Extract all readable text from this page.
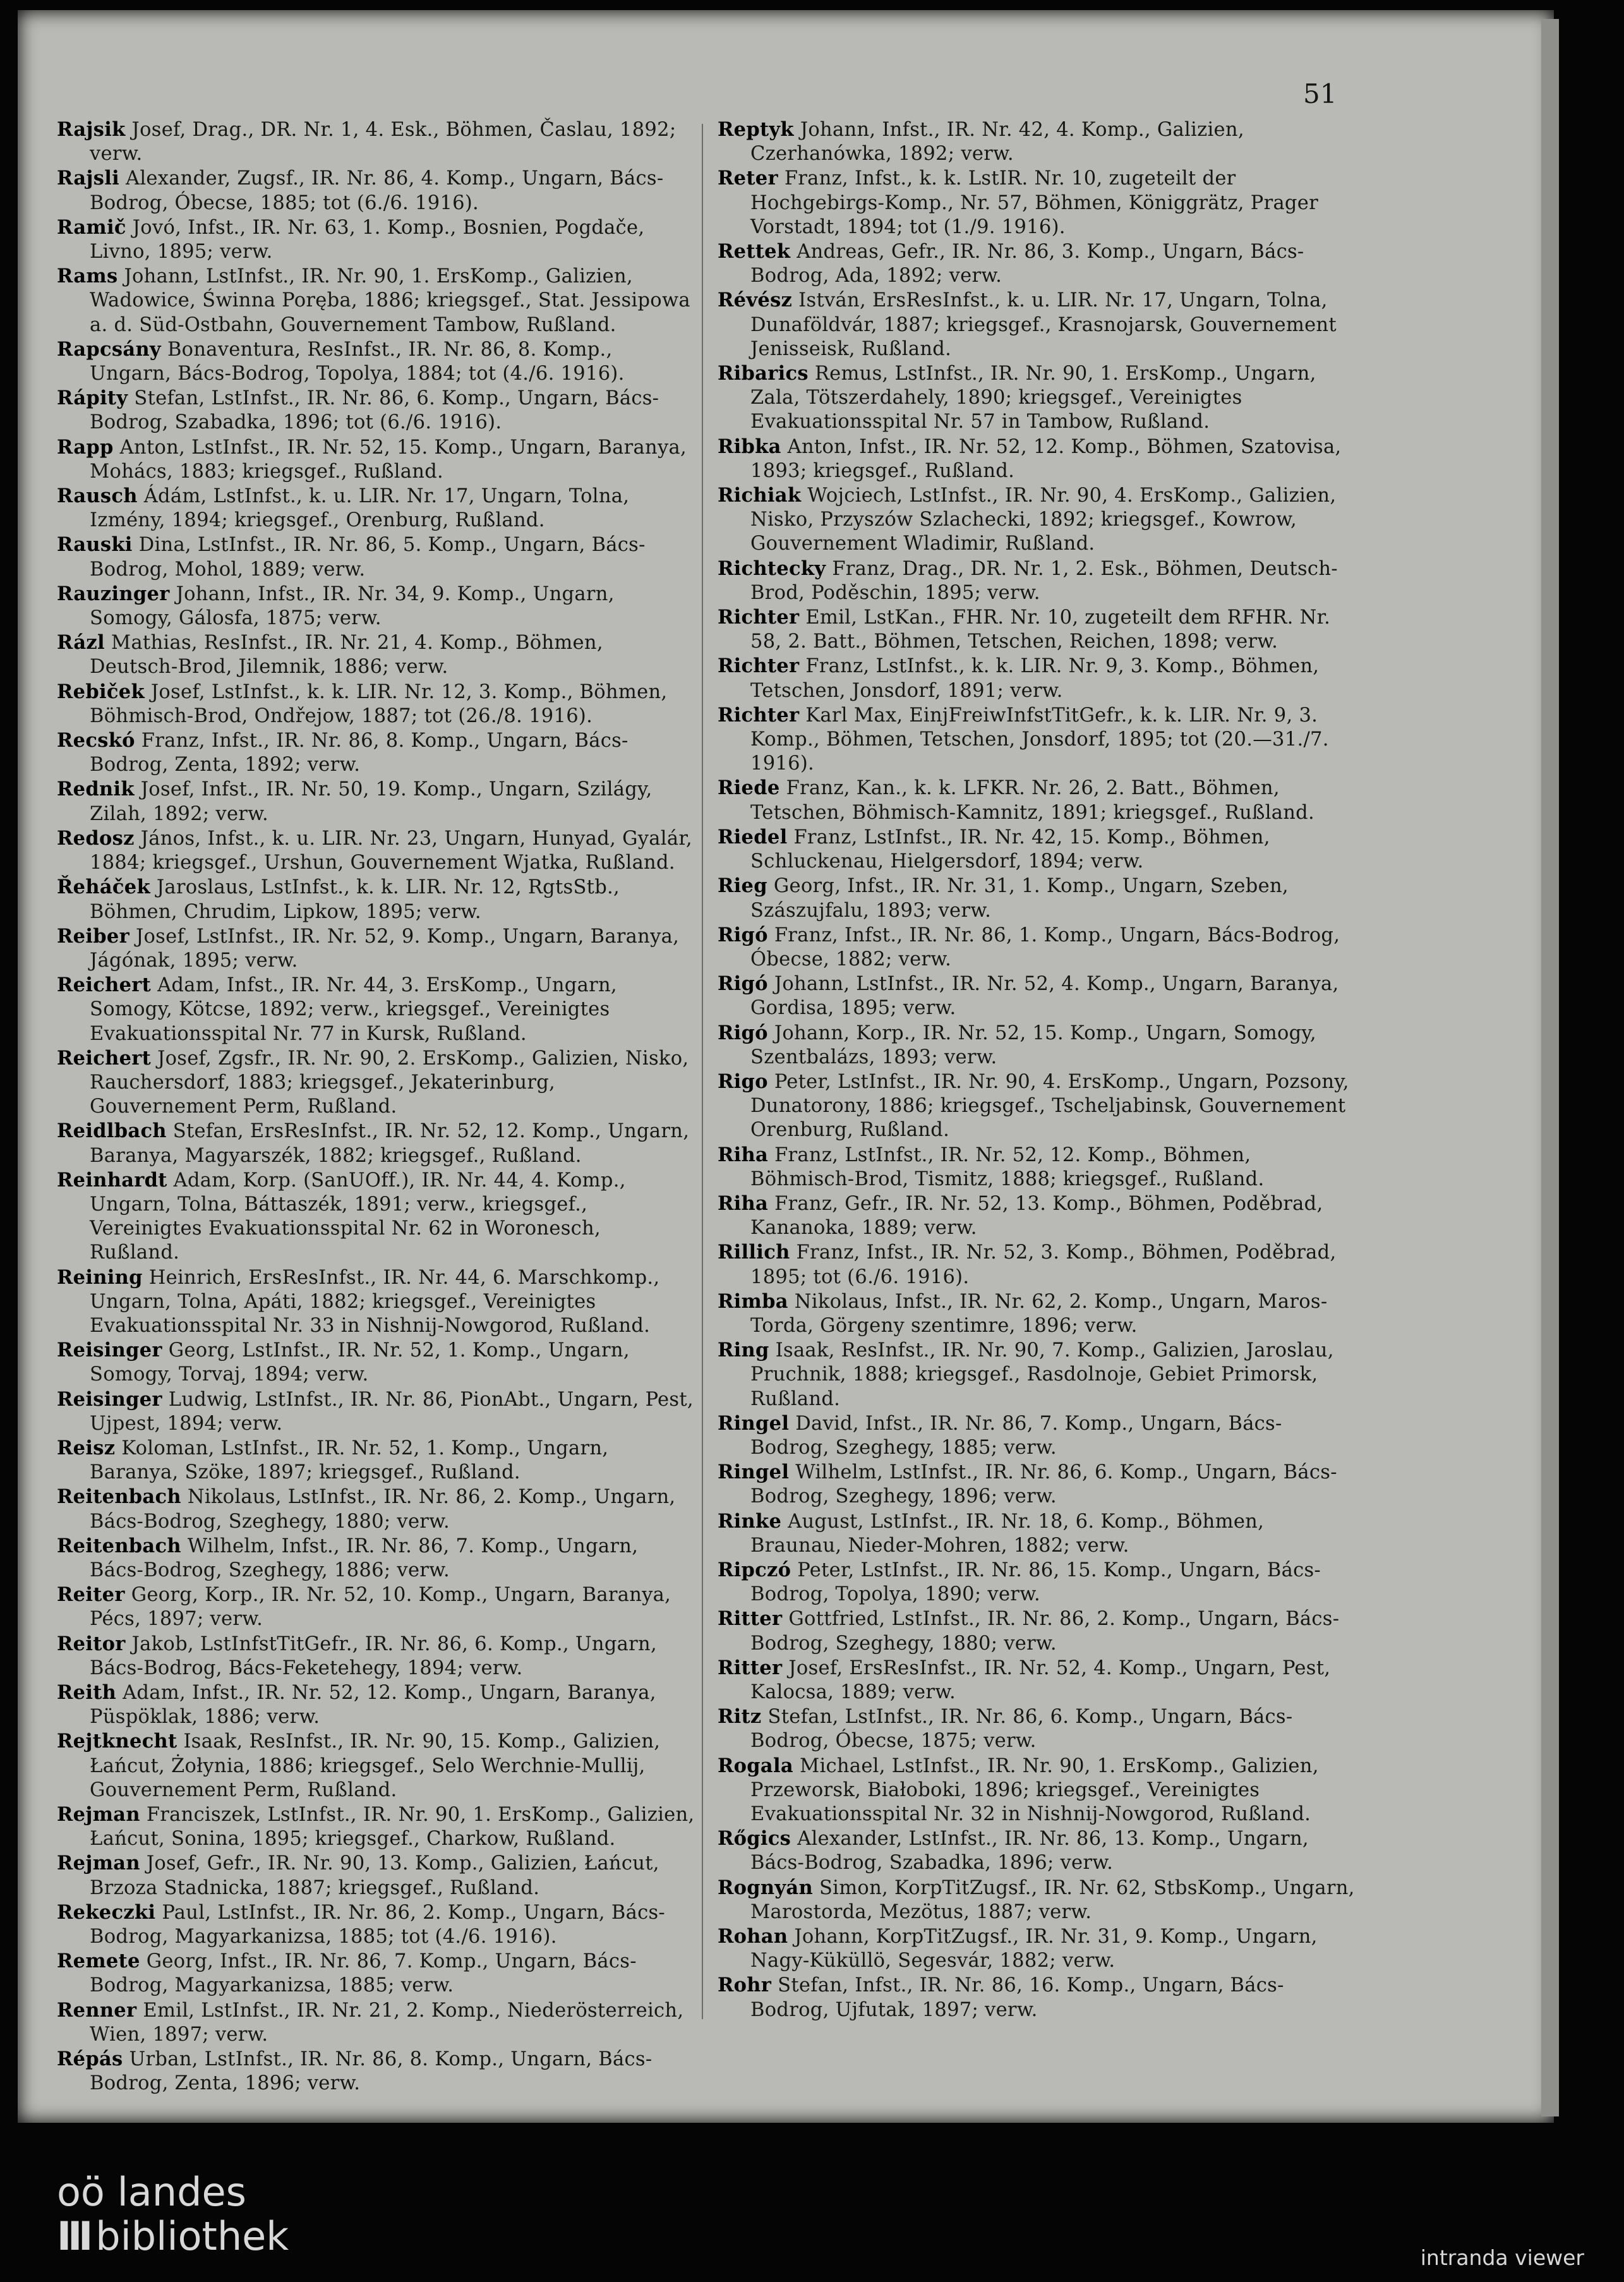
51

Rajsik Josef, Drag., DR. Nr. 1, 4. Esk., Böhmen, Časlau, 1892; verw.

Rajsli Alexander, Zugsf., IR. Nr. 86, 4. Komp., Ungarn, Bács-Bodrog, Óbecse, 1885; tot (6./6. 1916).

Ramič Jovó, Infst., IR. Nr. 63, 1. Komp., Bosnien, Pogdače, Livno, 1895; verw.

Rams Johann, LstInfst., IR. Nr. 90, 1. ErsKomp., Galizien, Wadowice, Świnna Poręba, 1886; kriegsgef., Stat. Jessipowa a. d. Süd-Ostbahn, Gouvernement Tambow, Rußland.

Rapcsány Bonaventura, ResInfst., IR. Nr. 86, 8. Komp., Ungarn, Bács-Bodrog, Topolya, 1884; tot (4./6. 1916).

Rápity Stefan, LstInfst., IR. Nr. 86, 6. Komp., Ungarn, Bács-Bodrog, Szabadka, 1896; tot (6./6. 1916).

Rapp Anton, LstInfst., IR. Nr. 52, 15. Komp., Ungarn, Baranya, Mohács, 1883; kriegsgef., Rußland.

Rausch Ádám, LstInfst., k. u. LIR. Nr. 17, Ungarn, Tolna, Izmény, 1894; kriegsgef., Orenburg, Rußland.

Rauski Dina, LstInfst., IR. Nr. 86, 5. Komp., Ungarn, Bács-Bodrog, Mohol, 1889; verw.

Rauzinger Johann, Infst., IR. Nr. 34, 9. Komp., Ungarn, Somogy, Gálosfa, 1875; verw.

Rázl Mathias, ResInfst., IR. Nr. 21, 4. Komp., Böhmen, Deutsch-Brod, Jilemnik, 1886; verw.

Rebiček Josef, LstInfst., k. k. LIR. Nr. 12, 3. Komp., Böhmen, Böhmisch-Brod, Ondřejow, 1887; tot (26./8. 1916).

Recskó Franz, Infst., IR. Nr. 86, 8. Komp., Ungarn, Bács-Bodrog, Zenta, 1892; verw.

Rednik Josef, Infst., IR. Nr. 50, 19. Komp., Ungarn, Szilágy, Zilah, 1892; verw.

Redosz János, Infst., k. u. LIR. Nr. 23, Ungarn, Hunyad, Gyalár, 1884; kriegsgef., Urshun, Gouvernement Wjatka, Rußland.

Řeháček Jaroslaus, LstInfst., k. k. LIR. Nr. 12, RgtsStb., Böhmen, Chrudim, Lipkow, 1895; verw.

Reiber Josef, LstInfst., IR. Nr. 52, 9. Komp., Ungarn, Baranya, Jágónak, 1895; verw.

Reichert Adam, Infst., IR. Nr. 44, 3. ErsKomp., Ungarn, Somogy, Kötcse, 1892; verw., kriegsgef., Vereinigtes Evakuationsspital Nr. 77 in Kursk, Rußland.

Reichert Josef, Zgsfr., IR. Nr. 90, 2. ErsKomp., Galizien, Nisko, Rauchersdorf, 1883; kriegsgef., Jekaterinburg, Gouvernement Perm, Rußland.

Reidlbach Stefan, ErsResInfst., IR. Nr. 52, 12. Komp., Ungarn, Baranya, Magyarszék, 1882; kriegsgef., Rußland.

Reinhardt Adam, Korp. (SanUOff.), IR. Nr. 44, 4. Komp., Ungarn, Tolna, Báttaszék, 1891; verw., kriegsgef., Vereinigtes Evakuationsspital Nr. 62 in Woronesch, Rußland.

Reining Heinrich, ErsResInfst., IR. Nr. 44, 6. Marschkomp., Ungarn, Tolna, Apáti, 1882; kriegsgef., Vereinigtes Evakuationsspital Nr. 33 in Nishnij-Nowgorod, Rußland.

Reisinger Georg, LstInfst., IR. Nr. 52, 1. Komp., Ungarn, Somogy, Torvaj, 1894; verw.

Reisinger Ludwig, LstInfst., IR. Nr. 86, PionAbt., Ungarn, Pest, Ujpest, 1894; verw.

Reisz Koloman, LstInfst., IR. Nr. 52, 1. Komp., Ungarn, Baranya, Szöke, 1897; kriegsgef., Rußland.

Reitenbach Nikolaus, LstInfst., IR. Nr. 86, 2. Komp., Ungarn, Bács-Bodrog, Szeghegy, 1880; verw.

Reitenbach Wilhelm, Infst., IR. Nr. 86, 7. Komp., Ungarn, Bács-Bodrog, Szeghegy, 1886; verw.

Reiter Georg, Korp., IR. Nr. 52, 10. Komp., Ungarn, Baranya, Pécs, 1897; verw.

Reitor Jakob, LstInfstTitGefr., IR. Nr. 86, 6. Komp., Ungarn, Bács-Bodrog, Bács-Feketehegy, 1894; verw.

Reith Adam, Infst., IR. Nr. 52, 12. Komp., Ungarn, Baranya, Püspöklak, 1886; verw.

Rejtknecht Isaak, ResInfst., IR. Nr. 90, 15. Komp., Galizien, Łańcut, Żołynia, 1886; kriegsgef., Selo Werchnie-Mullij, Gouvernement Perm, Rußland.

Rejman Franciszek, LstInfst., IR. Nr. 90, 1. ErsKomp., Galizien, Łańcut, Sonina, 1895; kriegsgef., Charkow, Rußland.

Rejman Josef, Gefr., IR. Nr. 90, 13. Komp., Galizien, Łańcut, Brzoza Stadnicka, 1887; kriegsgef., Rußland.

Rekeczki Paul, LstInfst., IR. Nr. 86, 2. Komp., Ungarn, Bács-Bodrog, Magyarkanizsa, 1885; tot (4./6. 1916).

Remete Georg, Infst., IR. Nr. 86, 7. Komp., Ungarn, Bács-Bodrog, Magyarkanizsa, 1885; verw.

Renner Emil, LstInfst., IR. Nr. 21, 2. Komp., Niederösterreich, Wien, 1897; verw.

Répás Urban, LstInfst., IR. Nr. 86, 8. Komp., Ungarn, Bács-Bodrog, Zenta, 1896; verw.

Reptyk Johann, Infst., IR. Nr. 42, 4. Komp., Galizien, Czerhanówka, 1892; verw.

Reter Franz, Infst., k. k. LstIR. Nr. 10, zugeteilt der Hochgebirgs-Komp., Nr. 57, Böhmen, Königgrätz, Prager Vorstadt, 1894; tot (1./9. 1916).

Rettek Andreas, Gefr., IR. Nr. 86, 3. Komp., Ungarn, Bács-Bodrog, Ada, 1892; verw.

Révész István, ErsResInfst., k. u. LIR. Nr. 17, Ungarn, Tolna, Dunaföldvár, 1887; kriegsgef., Krasnojarsk, Gouvernement Jenisseisk, Rußland.

Ribarics Remus, LstInfst., IR. Nr. 90, 1. ErsKomp., Ungarn, Zala, Tötszerdahely, 1890; kriegsgef., Vereinigtes Evakuationsspital Nr. 57 in Tambow, Rußland.

Ribka Anton, Infst., IR. Nr. 52, 12. Komp., Böhmen, Szatovisa, 1893; kriegsgef., Rußland.

Richiak Wojciech, LstInfst., IR. Nr. 90, 4. ErsKomp., Galizien, Nisko, Przyszów Szlachecki, 1892; kriegsgef., Kowrow, Gouvernement Wladimir, Rußland.

Richtecky Franz, Drag., DR. Nr. 1, 2. Esk., Böhmen, Deutsch-Brod, Poděschin, 1895; verw.

Richter Emil, LstKan., FHR. Nr. 10, zugeteilt dem RFHR. Nr. 58, 2. Batt., Böhmen, Tetschen, Reichen, 1898; verw.

Richter Franz, LstInfst., k. k. LIR. Nr. 9, 3. Komp., Böhmen, Tetschen, Jonsdorf, 1891; verw.

Richter Karl Max, EinjFreiwInfstTitGefr., k. k. LIR. Nr. 9, 3. Komp., Böhmen, Tetschen, Jonsdorf, 1895; tot (20.—31./7. 1916).

Riede Franz, Kan., k. k. LFKR. Nr. 26, 2. Batt., Böhmen, Tetschen, Böhmisch-Kamnitz, 1891; kriegsgef., Rußland.

Riedel Franz, LstInfst., IR. Nr. 42, 15. Komp., Böhmen, Schluckenau, Hielgersdorf, 1894; verw.

Rieg Georg, Infst., IR. Nr. 31, 1. Komp., Ungarn, Szeben, Szászujfalu, 1893; verw.

Rigó Franz, Infst., IR. Nr. 86, 1. Komp., Ungarn, Bács-Bodrog, Óbecse, 1882; verw.

Rigó Johann, LstInfst., IR. Nr. 52, 4. Komp., Ungarn, Baranya, Gordisa, 1895; verw.

Rigó Johann, Korp., IR. Nr. 52, 15. Komp., Ungarn, Somogy, Szentbalázs, 1893; verw.

Rigo Peter, LstInfst., IR. Nr. 90, 4. ErsKomp., Ungarn, Pozsony, Dunatorony, 1886; kriegsgef., Tscheljabinsk, Gouvernement Orenburg, Rußland.

Riha Franz, LstInfst., IR. Nr. 52, 12. Komp., Böhmen, Böhmisch-Brod, Tismitz, 1888; kriegsgef., Rußland.

Riha Franz, Gefr., IR. Nr. 52, 13. Komp., Böhmen, Poděbrad, Kananoka, 1889; verw.

Rillich Franz, Infst., IR. Nr. 52, 3. Komp., Böhmen, Poděbrad, 1895; tot (6./6. 1916).

Rimba Nikolaus, Infst., IR. Nr. 62, 2. Komp., Ungarn, Maros-Torda, Görgeny szentimre, 1896; verw.

Ring Isaak, ResInfst., IR. Nr. 90, 7. Komp., Galizien, Jaroslau, Pruchnik, 1888; kriegsgef., Rasdolnoje, Gebiet Primorsk, Rußland.

Ringel David, Infst., IR. Nr. 86, 7. Komp., Ungarn, Bács-Bodrog, Szeghegy, 1885; verw.

Ringel Wilhelm, LstInfst., IR. Nr. 86, 6. Komp., Ungarn, Bács-Bodrog, Szeghegy, 1896; verw.

Rinke August, LstInfst., IR. Nr. 18, 6. Komp., Böhmen, Braunau, Nieder-Mohren, 1882; verw.

Ripczó Peter, LstInfst., IR. Nr. 86, 15. Komp., Ungarn, Bács-Bodrog, Topolya, 1890; verw.

Ritter Gottfried, LstInfst., IR. Nr. 86, 2. Komp., Ungarn, Bács-Bodrog, Szeghegy, 1880; verw.

Ritter Josef, ErsResInfst., IR. Nr. 52, 4. Komp., Ungarn, Pest, Kalocsa, 1889; verw.

Ritz Stefan, LstInfst., IR. Nr. 86, 6. Komp., Ungarn, Bács-Bodrog, Óbecse, 1875; verw.

Rogala Michael, LstInfst., IR. Nr. 90, 1. ErsKomp., Galizien, Przeworsk, Białoboki, 1896; kriegsgef., Vereinigtes Evakuationsspital Nr. 32 in Nishnij-Nowgorod, Rußland.

Rőgics Alexander, LstInfst., IR. Nr. 86, 13. Komp., Ungarn, Bács-Bodrog, Szabadka, 1896; verw.

Rognyán Simon, KorpTitZugsf., IR. Nr. 62, StbsKomp., Ungarn, Marostorda, Mezötus, 1887; verw.

Rohan Johann, KorpTitZugsf., IR. Nr. 31, 9. Komp., Ungarn, Nagy-Küküllö, Segesvár, 1882; verw.

Rohr Stefan, Infst., IR. Nr. 86, 16. Komp., Ungarn, Bács-Bodrog, Ujfutak, 1897; verw.

oö landes
III bibliothek	intranda viewer
